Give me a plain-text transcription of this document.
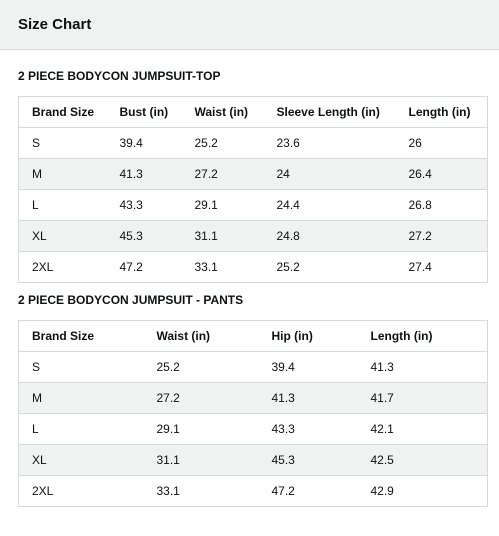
Size Chart
2 PIECE BODYCON JUMPSUIT-TOP
Brand Size	Bust (in)	Waist (in)	Sleeve Length (in)	Length (in)
S	39.4	25.2	23.6	26
M	41.3	27.2	24	26.4
L	43.3	29.1	24.4	26.8
XL	45.3	31.1	24.8	27.2
2XL	47.2	33.1	25.2	27.4
2 PIECE BODYCON JUMPSUIT - PANTS
Brand Size	Waist (in)	Hip (in)	Length (in)
S	25.2	39.4	41.3
M	27.2	41.3	41.7
L	29.1	43.3	42.1
XL	31.1	45.3	42.5
2XL	33.1	47.2	42.9
